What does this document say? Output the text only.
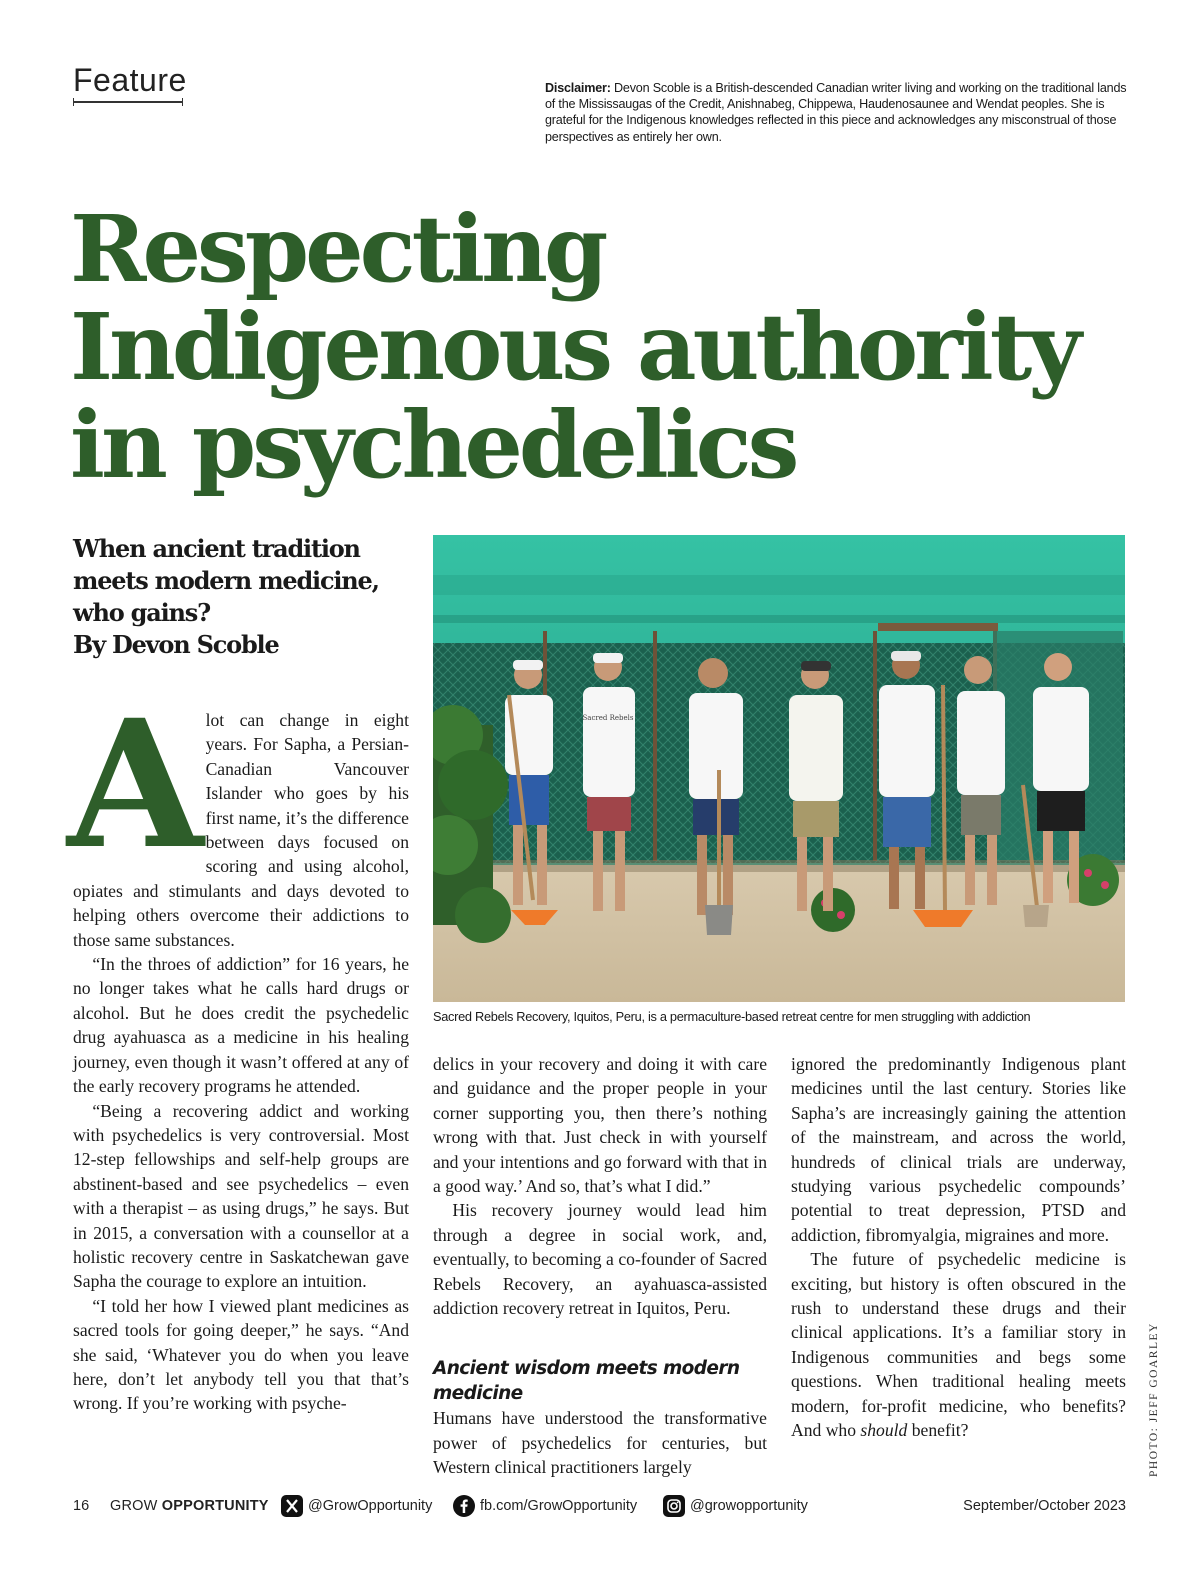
Feature	Disclaimer: Devon Scoble is a British-descended Canadian writer living and working on the traditional lands of the Mississaugas of the Credit, Anishnabeg, Chippewa, Haudenosaunee and Wendat peoples. She is grateful for the Indigenous knowledges reflected in this piece and acknowledges any misconstrual of those perspectives as entirely her own.
Respecting
Indigenous authority
in psychedelics
When ancient tradition meets modern medicine, who gains?
By Devon Scoble
Sacred Rebels
Sacred Rebels Recovery, Iquitos, Peru, is a permaculture-based retreat centre for men struggling with addiction
PHOTO: JEFF GOARLEY

Alot can change in eight years. For Sapha, a Persian-Canadian Vancouver Islander who goes by his first name, it’s the difference between days focused on scoring and using alcohol, opiates and stimulants and days devoted to helping others overcome their addictions to those same substances.

“In the throes of addiction” for 16 years, he no longer takes what he calls hard drugs or alcohol. But he does credit the psychedelic drug ayahuasca as a medicine in his healing journey, even though it wasn’t offered at any of the early recovery programs he attended.

“Being a recovering addict and working with psychedelics is very controversial. Most 12-step fellowships and self-help groups are abstinent-based and see psychedelics – even with a therapist – as using drugs,” he says. But in 2015, a conversation with a counsellor at a holistic recovery centre in Saskatchewan gave Sapha the courage to explore an intuition.

“I told her how I viewed plant medicines as sacred tools for going deeper,” he says. “And she said, ‘Whatever you do when you leave here, don’t let anybody tell you that that’s wrong. If you’re working with psyche-

delics in your recovery and doing it with care and guidance and the proper people in your corner supporting you, then there’s nothing wrong with that. Just check in with yourself and your intentions and go forward with that in a good way.’ And so, that’s what I did.”

His recovery journey would lead him through a degree in social work, and, eventually, to becoming a co-founder of Sacred Rebels Recovery, an ayahuasca-assisted addiction recovery retreat in Iquitos, Peru.

Ancient wisdom meets modern medicine

Humans have understood the transformative power of psychedelics for centuries, but Western clinical practitioners largely

ignored the predominantly Indigenous plant medicines until the last century. Stories like Sapha’s are increasingly gaining the attention of the mainstream, and across the world, hundreds of clinical trials are underway, studying various psychedelic compounds’ potential to treat depression, PTSD and addiction, fibromyalgia, migraines and more.

The future of psychedelic medicine is exciting, but history is often obscured in the rush to understand these drugs and their clinical applications. It’s a familiar story in Indigenous communities and begs some questions. When traditional healing meets modern, for-profit medicine, who benefits? And who should benefit?

16 GROW
OPPORTUNITY	@GrowOpportunity	fb.com/GrowOpportunity	@growopportunity	September/October 2023
